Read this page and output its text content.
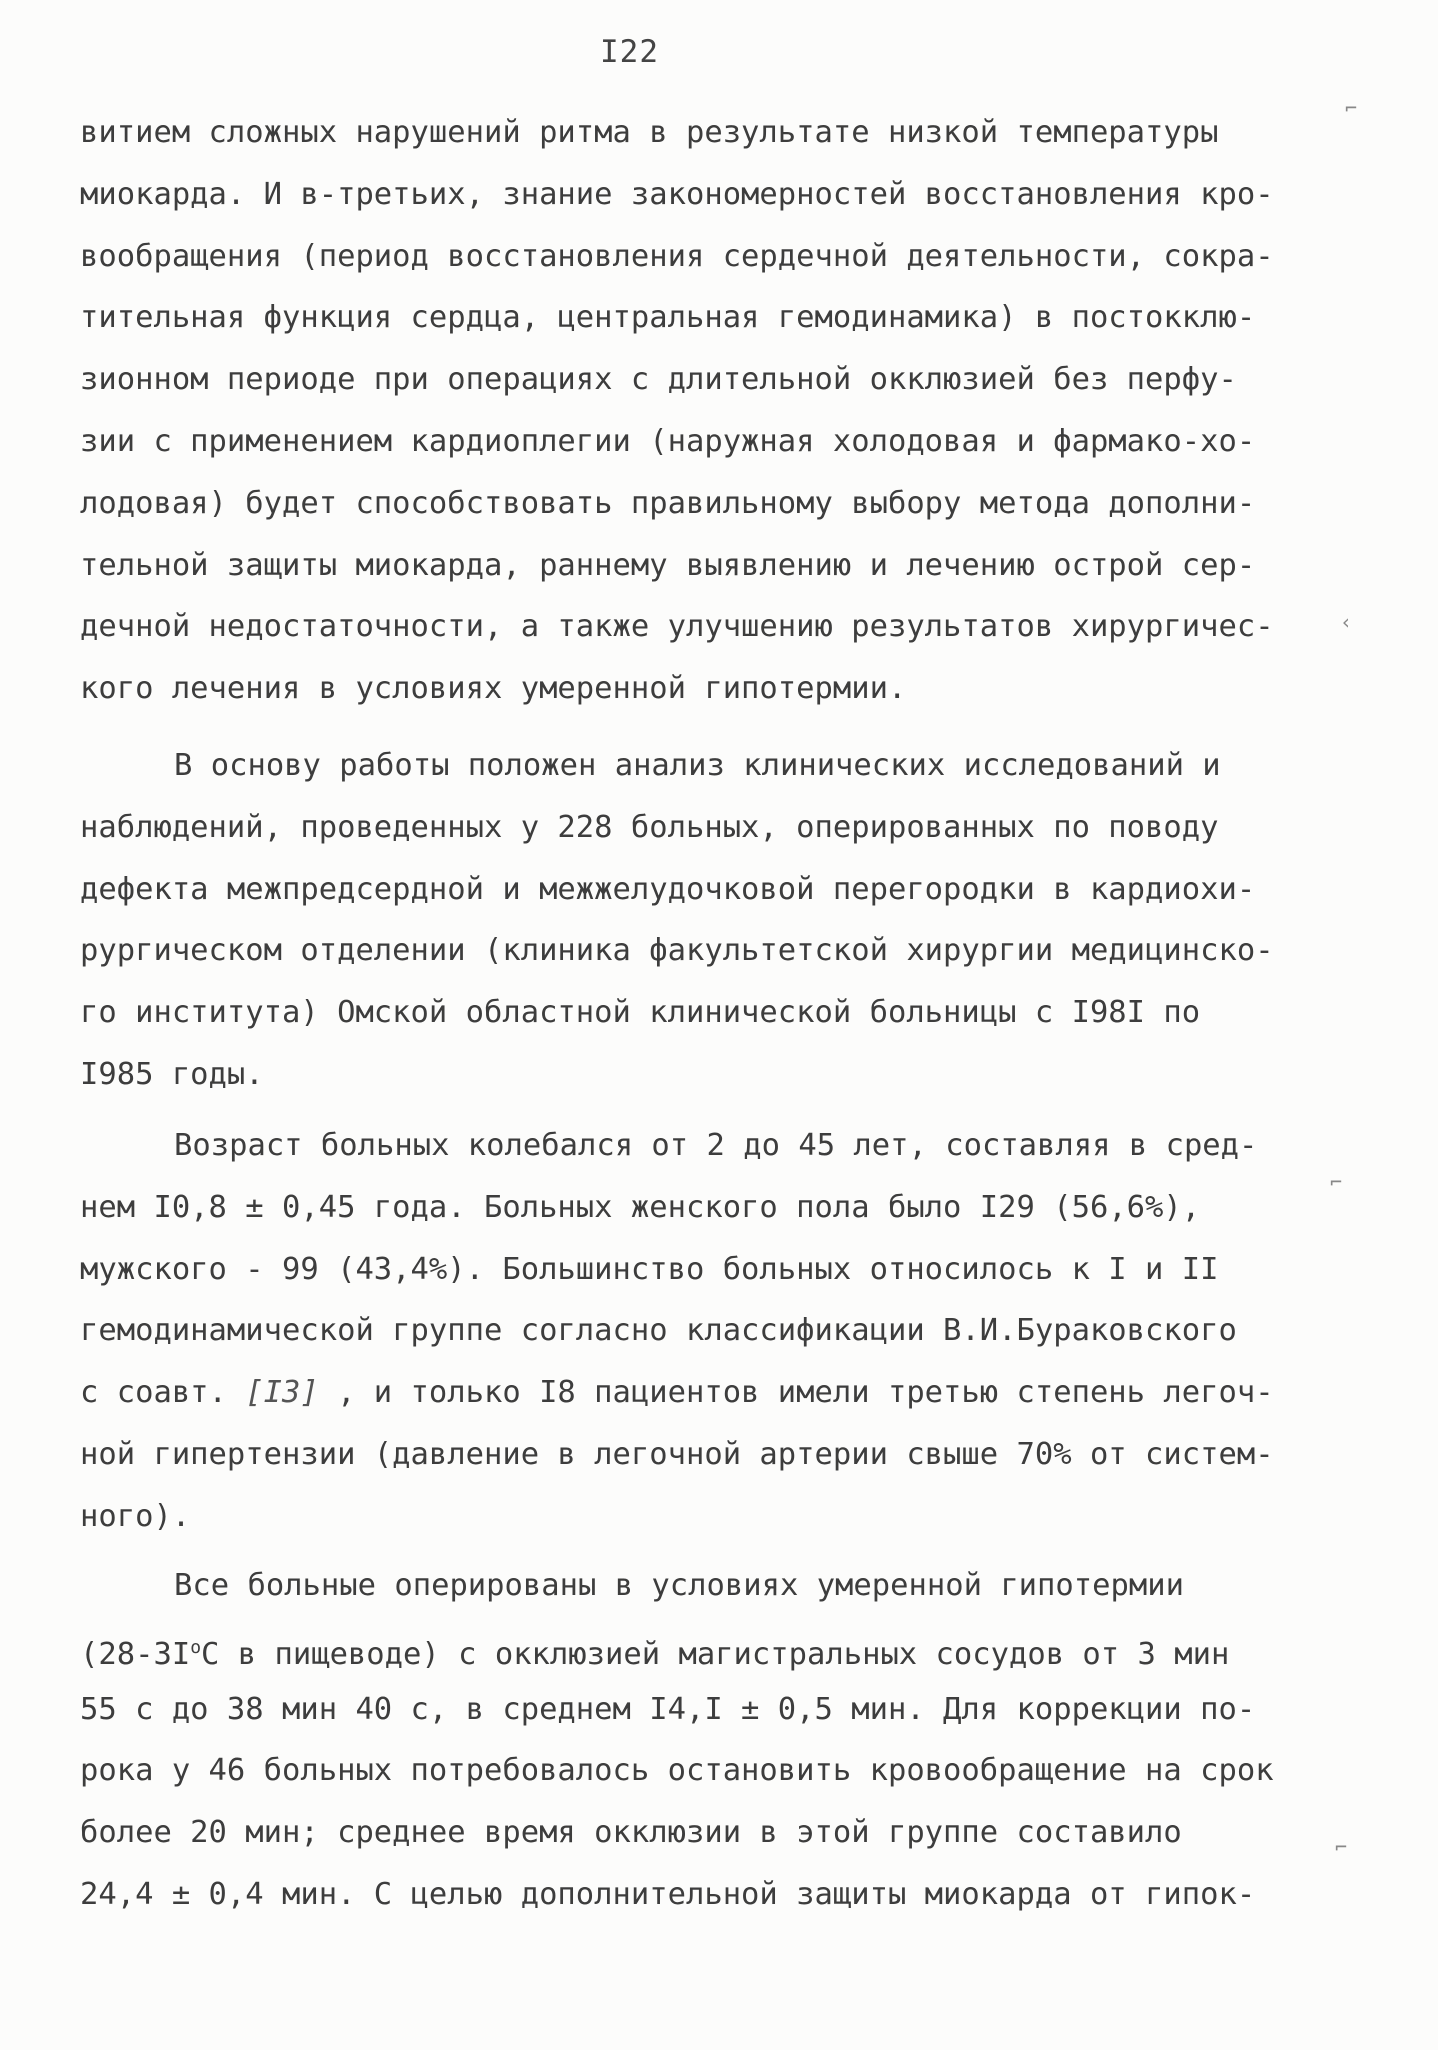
I22
⌐
‹
⌐
⌐
витием сложных нарушений ритма в результате низкой температуры
миокарда. И в-третьих, знание закономерностей восстановления кро-
вообращения (период восстановления сердечной деятельности, сокра-
тительная функция сердца, центральная гемодинамика) в постокклю-
зионном периоде при операциях с длительной окклюзией без перфу-
зии с применением кардиоплегии (наружная холодовая и фармако-хо-
лодовая) будет способствовать правильному выбору метода дополни-
тельной защиты миокарда, раннему выявлению и лечению острой сер-
дечной недостаточности, а также улучшению результатов хирургичес-
кого лечения в условиях умеренной гипотермии.
В основу работы положен анализ клинических исследований и
наблюдений, проведенных у 228 больных, оперированных по поводу
дефекта межпредсердной и межжелудочковой перегородки в кардиохи-
рургическом отделении (клиника факультетской хирургии медицинско-
го института) Омской областной клинической больницы с I98I по
I985 годы.
Возраст больных колебался от 2 до 45 лет, составляя в сред-
нем I0,8 ± 0,45 года. Больных женского пола было I29 (56,6%),
мужского - 99 (43,4%). Большинство больных относилось к I и II
гемодинамической группе согласно классификации В.И.Бураковского
с соавт. [I3] , и только I8 пациентов имели третью степень легоч-
ной гипертензии (давление в легочной артерии свыше 70% от систем-
ного).
Все больные оперированы в условиях умеренной гипотермии
($28-3I^оС$ в пищеводе) с окклюзией магистральных сосудов от 3 мин
55 с до 38 мин 40 с, в среднем I4,I ± 0,5 мин. Для коррекции по-
рока у 46 больных потребовалось остановить кровообращение на срок
более 20 мин; среднее время окклюзии в этой группе составило
24,4 ± 0,4 мин. С целью дополнительной защиты миокарда от гипок-
